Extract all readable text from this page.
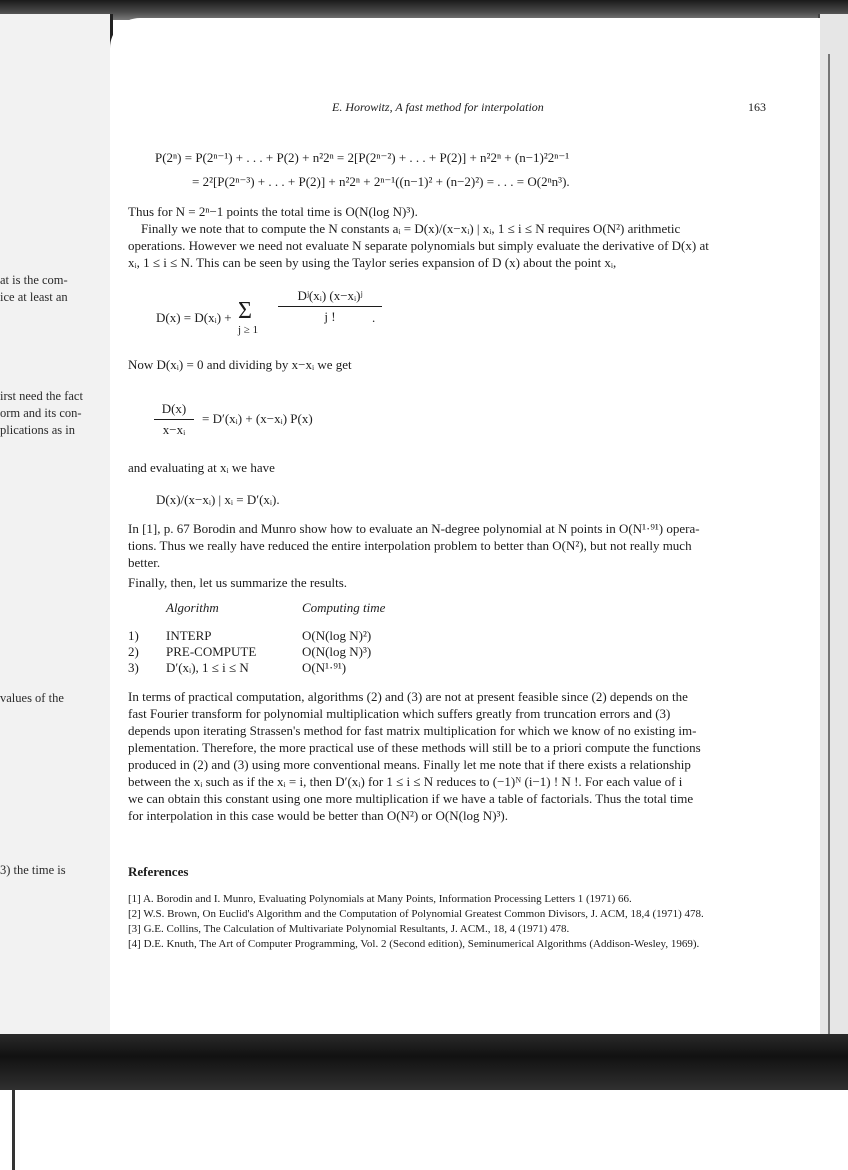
at is the com-
ice at least an
irst need the fact
orm and its con-
plications as in
values of the
3) the time is
E. Horowitz, A fast method for interpolation	163
P(2ⁿ) = P(2ⁿ⁻¹) + . . . + P(2) + n²2ⁿ = 2[P(2ⁿ⁻²) + . . . + P(2)] + n²2ⁿ + (n−1)²2ⁿ⁻¹
= 2²[P(2ⁿ⁻³) + . . . + P(2)] + n²2ⁿ + 2ⁿ⁻¹((n−1)² + (n−2)²) = . . . = O(2ⁿn³).
Thus for N = 2ⁿ−1 points the total time is O(N(log N)³).
Finally we note that to compute the N constants aᵢ = D(x)/(x−xᵢ) | xᵢ, 1 ≤ i ≤ N requires O(N²) arithmetic
operations. However we need not evaluate N separate polynomials but simply evaluate the derivative of D(x) at
xᵢ, 1 ≤ i ≤ N. This can be seen by using the Taylor series expansion of D (x) about the point xᵢ,
D(x) = D(xᵢ) + Σ
j ≥ 1
Dʲ(xᵢ) (x−xᵢ)ʲ
j !	.
Now D(xᵢ) = 0 and dividing by x−xᵢ we get
D(x)
x−xᵢ
= D′(xᵢ) + (x−xᵢ) P(x)
and evaluating at xᵢ we have
D(x)/(x−xᵢ) | xᵢ = D′(xᵢ).
In [1], p. 67 Borodin and Munro show how to evaluate an N-degree polynomial at N points in O(N¹·⁹¹) opera-
tions. Thus we really have reduced the entire interpolation problem to better than O(N²), but not really much
better.
Finally, then, let us summarize the results.
Algorithm	Computing time
1)	INTERP	O(N(log N)²)
2)	PRE-COMPUTE	O(N(log N)³)
3)	D′(xᵢ), 1 ≤ i ≤ N	O(N¹·⁹¹)
In terms of practical computation, algorithms (2) and (3) are not at present feasible since (2) depends on the
fast Fourier transform for polynomial multiplication which suffers greatly from truncation errors and (3)
depends upon iterating Strassen's method for fast matrix multiplication for which we know of no existing im-
plementation. Therefore, the more practical use of these methods will still be to a priori compute the functions
produced in (2) and (3) using more conventional means. Finally let me note that if there exists a relationship
between the xᵢ such as if the xᵢ = i, then D′(xᵢ) for 1 ≤ i ≤ N reduces to (−1)ᴺ (i−1) ! N !. For each value of i
we can obtain this constant using one more multiplication if we have a table of factorials. Thus the total time
for interpolation in this case would be better than O(N²) or O(N(log N)³).
References
[1] A. Borodin and I. Munro, Evaluating Polynomials at Many Points, Information Processing Letters 1 (1971) 66.
[2] W.S. Brown, On Euclid's Algorithm and the Computation of Polynomial Greatest Common Divisors, J. ACM, 18,4 (1971) 478.
[3] G.E. Collins, The Calculation of Multivariate Polynomial Resultants, J. ACM., 18, 4 (1971) 478.
[4] D.E. Knuth, The Art of Computer Programming, Vol. 2 (Second edition), Seminumerical Algorithms (Addison-Wesley, 1969).
